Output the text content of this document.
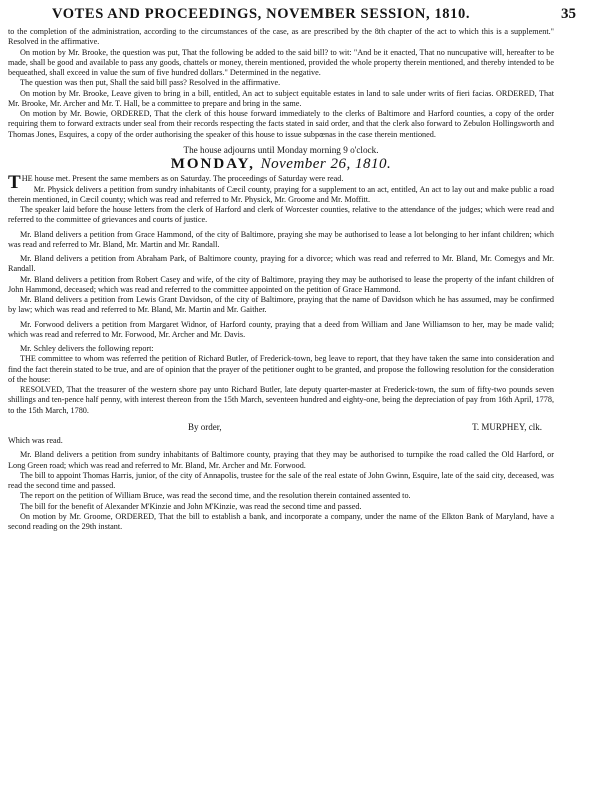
VOTES AND PROCEEDINGS, NOVEMBER SESSION, 1810.	35

to the completion of the administration, according to the circumstances of the case, as are prescribed by the 8th chapter of the act to which this is a supplement." Resolved in the affirmative.

On motion by Mr. Brooke, the question was put, That the following be added to the said bill? to wit: "And be it enacted, That no nuncupative will, hereafter to be made, shall be good and available to pass any goods, chattels or money, therein mentioned, provided the whole property therein mentioned, and thereby intended to be bequeathed, shall exceed in value the sum of five hundred dollars." Determined in the negative.

The question was then put, Shall the said bill pass? Resolved in the affirmative.

On motion by Mr. Brooke, Leave given to bring in a bill, entitled, An act to subject equitable estates in land to sale under writs of fieri facias. ORDERED, That Mr. Brooke, Mr. Archer and Mr. T. Hall, be a committee to prepare and bring in the same.

On motion by Mr. Bowie, ORDERED, That the clerk of this house forward immediately to the clerks of Baltimore and Harford counties, a copy of the order requiring them to forward extracts under seal from their records respecting the facts stated in said order, and that the clerk also forward to Zebulon Hollingsworth and Thomas Jones, Esquires, a copy of the order authorising the speaker of this house to issue subpœnas in the case therein mentioned.

The house adjourns until Monday morning 9 o'clock.

MONDAY, November 26, 1810.

THE house met. Present the same members as on Saturday. The proceedings of Saturday were read.

Mr. Physick delivers a petition from sundry inhabitants of Cæcil county, praying for a supplement to an act, entitled, An act to lay out and make public a road therein mentioned, in Cæcil county; which was read and referred to Mr. Physick, Mr. Groome and Mr. Moffitt.

The speaker laid before the house letters from the clerk of Harford and clerk of Worcester counties, relative to the attendance of the judges; which were read and referred to the committee of grievances and courts of justice.

Mr. Bland delivers a petition from Grace Hammond, of the city of Baltimore, praying she may be authorised to lease a lot belonging to her infant children; which was read and referred to Mr. Bland, Mr. Martin and Mr. Randall.

Mr. Bland delivers a petition from Abraham Park, of Baltimore county, praying for a divorce; which was read and referred to Mr. Bland, Mr. Comegys and Mr. Randall.

Mr. Bland delivers a petition from Robert Casey and wife, of the city of Baltimore, praying they may be authorised to lease the property of the infant children of John Hammond, deceased; which was read and referred to the committee appointed on the petition of Grace Hammond.

Mr. Bland delivers a petition from Lewis Grant Davidson, of the city of Baltimore, praying that the name of Davidson which he has assumed, may be confirmed by law; which was read and referred to Mr. Bland, Mr. Martin and Mr. Gaither.

Mr. Forwood delivers a petition from Margaret Widnor, of Harford county, praying that a deed from William and Jane Williamson to her, may be made valid; which was read and referred to Mr. Forwood, Mr. Archer and Mr. Davis.

Mr. Schley delivers the following report:

THE committee to whom was referred the petition of Richard Butler, of Frederick-town, beg leave to report, that they have taken the same into consideration and find the fact therein stated to be true, and are of opinion that the prayer of the petitioner ought to be granted, and propose the following resolution for the consideration of the house:

RESOLVED, That the treasurer of the western shore pay unto Richard Butler, late deputy quarter-master at Frederick-town, the sum of fifty-two pounds seven shillings and ten-pence half penny, with interest thereon from the 15th March, seventeen hundred and eighty-one, being the depreciation of pay from 16th April, 1778, to the 15th March, 1780.

By order,	T. MURPHEY, clk.

Which was read.

Mr. Bland delivers a petition from sundry inhabitants of Baltimore county, praying that they may be authorised to turnpike the road called the Old Harford, or Long Green road; which was read and referred to Mr. Bland, Mr. Archer and Mr. Forwood.

The bill to appoint Thomas Harris, junior, of the city of Annapolis, trustee for the sale of the real estate of John Gwinn, Esquire, late of the said city, deceased, was read the second time and passed.

The report on the petition of William Bruce, was read the second time, and the resolution therein contained assented to.

The bill for the benefit of Alexander M'Kinzie and John M'Kinzie, was read the second time and passed.

On motion by Mr. Groome, ORDERED, That the bill to establish a bank, and incorporate a company, under the name of the Elkton Bank of Maryland, have a second reading on the 29th instant.
